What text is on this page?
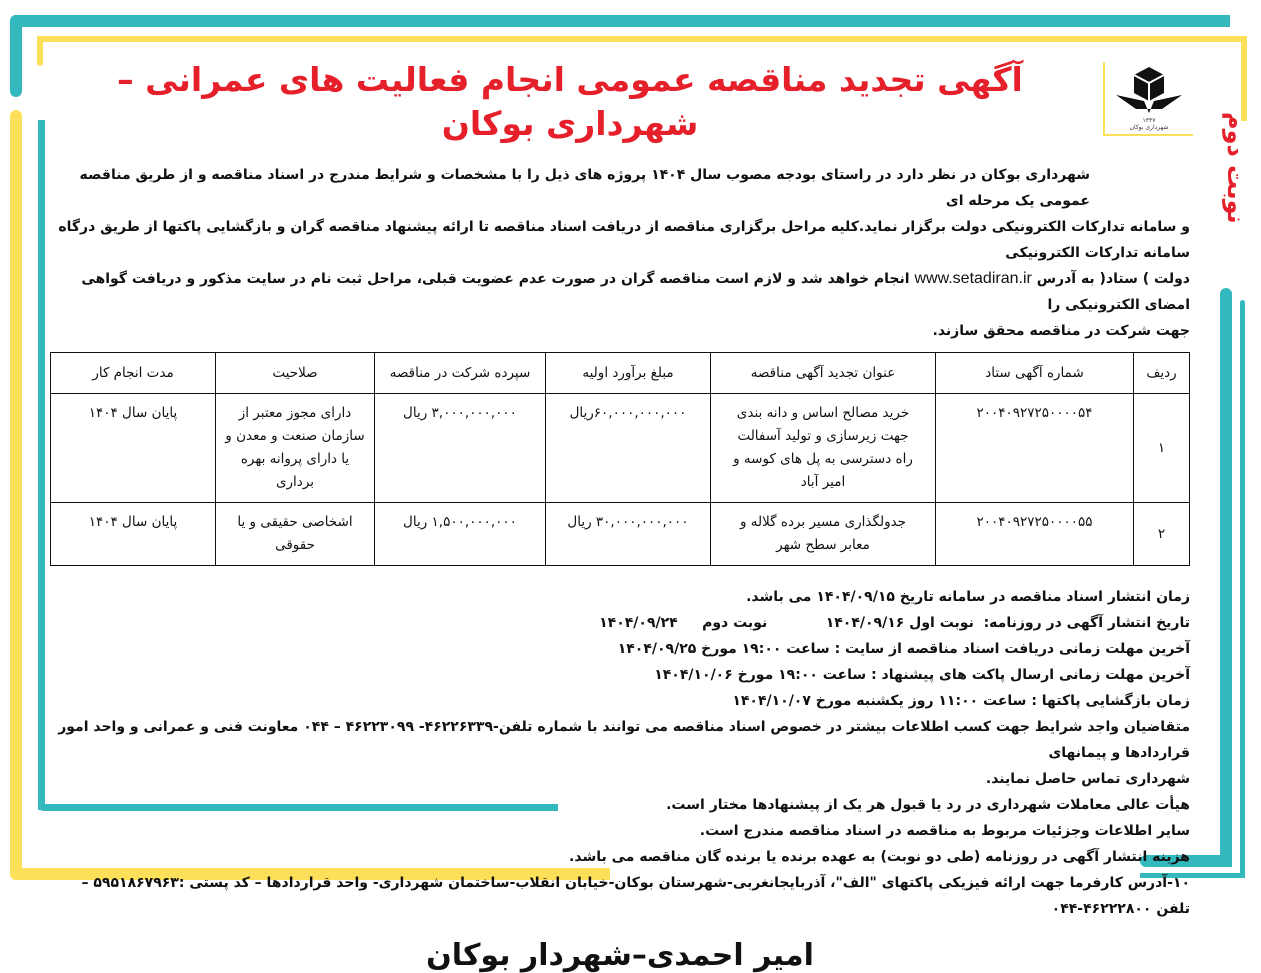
۱۳۳۷
شهرداری بوکان نوبت دوم
آگهی تجدید مناقصه عمومی انجام فعالیت های عمرانی – شهرداری بوکان
شهرداری بوکان در نظر دارد در راستای بودجه مصوب سال ۱۴۰۴ پروژه های ذیل را با مشخصات و شرایط مندرج در اسناد مناقصه و از طریق مناقصه عمومی یک مرحله ای
و سامانه تدارکات الکترونیکی دولت برگزار نماید.کلیه مراحل برگزاری مناقصه از دریافت اسناد مناقصه تا ارائه پیشنهاد مناقصه گران و بازگشایی پاکتها از طریق درگاه سامانه تدارکات الکترونیکی
دولت ) ستاد( به آدرس www.setadiran.ir انجام خواهد شد و لازم است مناقصه گران در صورت عدم عضویت قبلی، مراحل ثبت نام در سایت مذکور و دریافت گواهی امضای الکترونیکی را
جهت شرکت در مناقصه محقق سازند.
ردیف	شماره آگهی ستاد	عنوان تجدید آگهی مناقصه	مبلغ برآورد اولیه	سپرده شرکت در مناقصه	صلاحیت	مدت انجام کار
۱	۲۰۰۴۰۹۲۷۲۵۰۰۰۰۵۴	خرید مصالح اساس و دانه بندی جهت زیرسازی و تولید آسفالت راه دسترسی به پل های کوسه و امیر آباد	۶۰,۰۰۰,۰۰۰,۰۰۰ریال	۳,۰۰۰,۰۰۰,۰۰۰ ریال	دارای مجوز معتبر از سازمان صنعت و معدن و یا دارای پروانه بهره برداری	پایان سال ۱۴۰۴
۲	۲۰۰۴۰۹۲۷۲۵۰۰۰۰۵۵	جدولگذاری مسیر برده گلاله و معابر سطح شهر	۳۰,۰۰۰,۰۰۰,۰۰۰ ریال	۱,۵۰۰,۰۰۰,۰۰۰ ریال	اشخاصی حقیقی و یا حقوقی	پایان سال ۱۴۰۴
زمان انتشار اسناد مناقصه در سامانه تاریخ ۱۴۰۴/۰۹/۱۵ می باشد.
تاریخ انتشار آگهی در روزنامه:  نوبت اول ۱۴۰۴/۰۹/۱۶            نوبت دوم     ۱۴۰۴/۰۹/۲۴
آخرین مهلت زمانی دریافت اسناد مناقصه از سایت : ساعت ۱۹:۰۰ مورخ ۱۴۰۴/۰۹/۲۵
آخرین مهلت زمانی ارسال پاکت های پیشنهاد : ساعت ۱۹:۰۰ مورخ ۱۴۰۴/۱۰/۰۶
زمان بازگشایی پاکتها : ساعت ۱۱:۰۰ روز یکشنبه مورخ ۱۴۰۴/۱۰/۰۷
متقاضیان واجد شرایط جهت کسب اطلاعات بیشتر در خصوص اسناد مناقصه می توانند با شماره تلفن-۴۶۲۲۶۳۳۹- ۴۶۲۲۳۰۹۹ – ۰۴۴ معاونت فنی و عمرانی و واحد امور قراردادها و پیمانهای
شهرداری تماس حاصل نمایند.
هیأت عالی معاملات شهرداری در رد یا قبول هر یک از پیشنهادها مختار است.
سایر اطلاعات وجزئیات مربوط به مناقصه در اسناد مناقصه مندرج است.
هزینه انتشار آگهی در روزنامه (طی دو نوبت) به عهده برنده یا برنده گان مناقصه می باشد.
۱۰-آدرس کارفرما جهت ارائه فیزیکی پاکتهای "الف"، آذربایجانغربی-شهرستان بوکان-خیابان انقلاب-ساختمان شهرداری- واحد قراردادها – کد پستی :۵۹۵۱۸۶۷۹۶۳ – تلفن ۴۶۲۲۲۸۰۰-۰۴۴
امیر احمدی–شهردار بوکان
